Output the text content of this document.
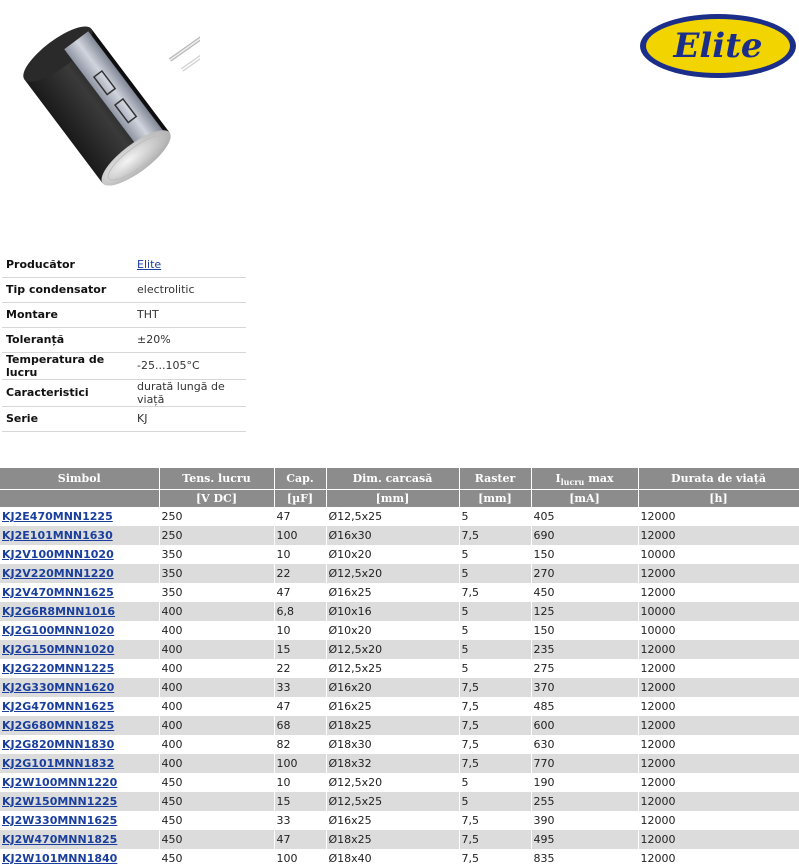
Elite
Producător	Elite
Tip condensator	electrolitic
Montare	THT
Toleranță	±20%
Temperatura de lucru	-25...105°C
Caracteristici	durată lungă de viață
Serie	KJ
Simbol	Tens. lucru	Cap.	Dim. carcasă	Raster	$I_{lucru}$ max	Durata de viață
	[V DC]	[µF]	[mm]	[mm]	[mA]	[h]
KJ2E470MNN1225	250	47	Ø12,5x25	5	405	12000
KJ2E101MNN1630	250	100	Ø16x30	7,5	690	12000
KJ2V100MNN1020	350	10	Ø10x20	5	150	10000
KJ2V220MNN1220	350	22	Ø12,5x20	5	270	12000
KJ2V470MNN1625	350	47	Ø16x25	7,5	450	12000
KJ2G6R8MNN1016	400	6,8	Ø10x16	5	125	10000
KJ2G100MNN1020	400	10	Ø10x20	5	150	10000
KJ2G150MNN1020	400	15	Ø12,5x20	5	235	12000
KJ2G220MNN1225	400	22	Ø12,5x25	5	275	12000
KJ2G330MNN1620	400	33	Ø16x20	7,5	370	12000
KJ2G470MNN1625	400	47	Ø16x25	7,5	485	12000
KJ2G680MNN1825	400	68	Ø18x25	7,5	600	12000
KJ2G820MNN1830	400	82	Ø18x30	7,5	630	12000
KJ2G101MNN1832	400	100	Ø18x32	7,5	770	12000
KJ2W100MNN1220	450	10	Ø12,5x20	5	190	12000
KJ2W150MNN1225	450	15	Ø12,5x25	5	255	12000
KJ2W330MNN1625	450	33	Ø16x25	7,5	390	12000
KJ2W470MNN1825	450	47	Ø18x25	7,5	495	12000
KJ2W101MNN1840	450	100	Ø18x40	7,5	835	12000
